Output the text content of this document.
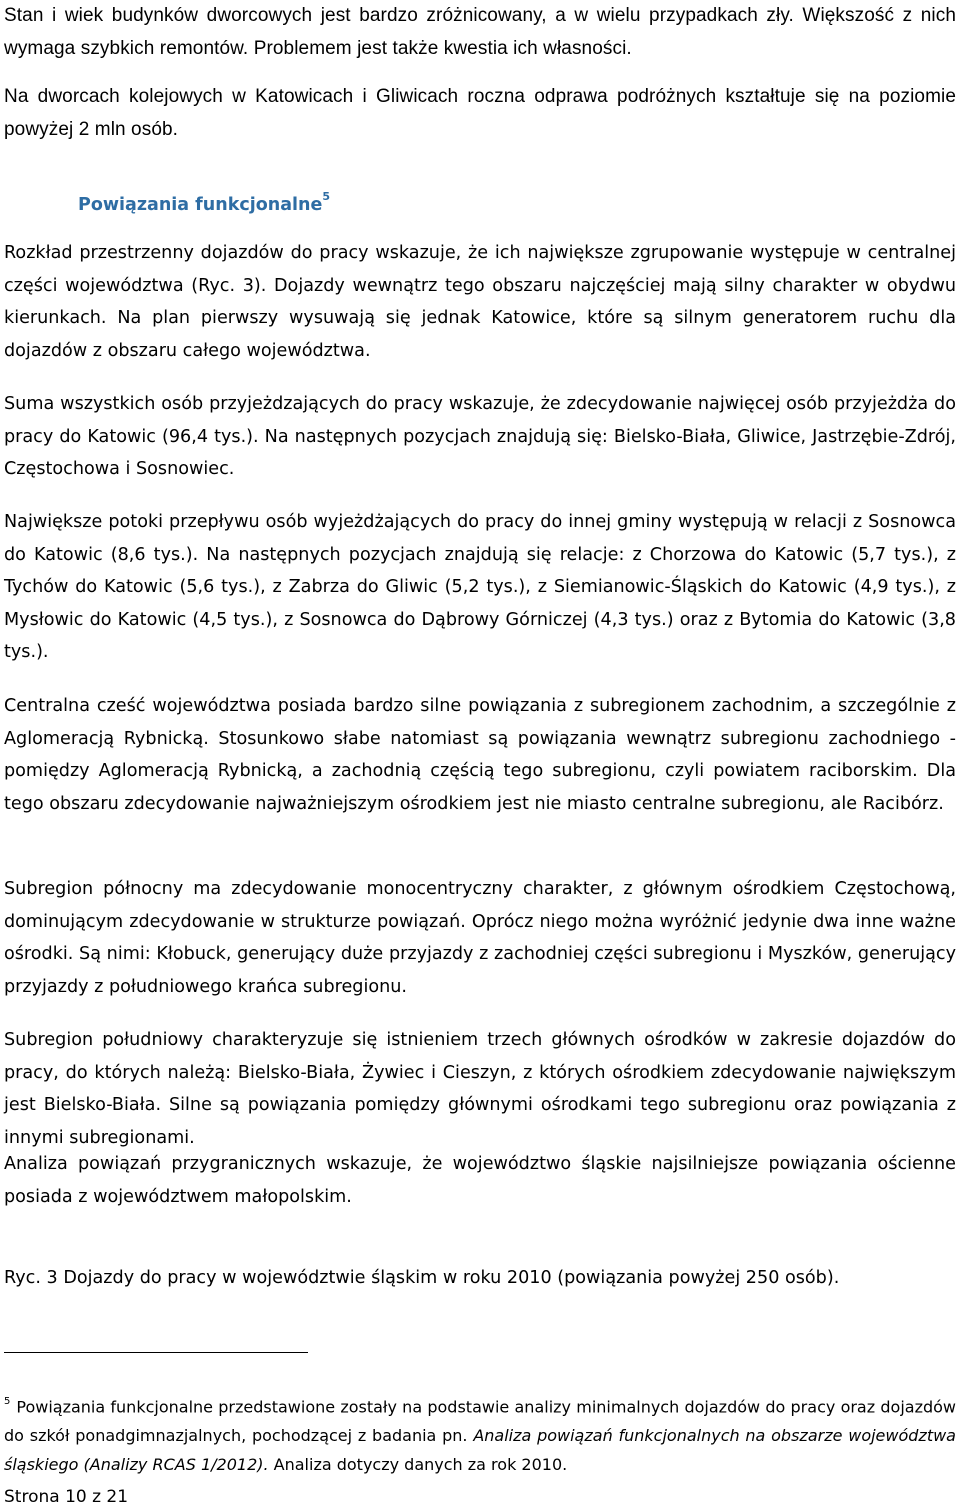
Stan i wiek budynków dworcowych jest bardzo zróżnicowany, a w wielu przypadkach zły. Większość z nich wymaga szybkich remontów. Problemem jest także kwestia ich własności.

Na dworcach kolejowych w Katowicach i Gliwicach roczna odprawa podróżnych kształtuje się na poziomie powyżej 2 mln osób.

Powiązania funkcjonalne$^5$

Rozkład przestrzenny dojazdów do pracy wskazuje, że ich największe zgrupowanie występuje w centralnej części województwa (Ryc. 3). Dojazdy wewnątrz tego obszaru najczęściej mają silny charakter w obydwu kierunkach. Na plan pierwszy wysuwają się jednak Katowice, które są silnym generatorem ruchu dla dojazdów z obszaru całego województwa.

Suma wszystkich osób przyjeżdzających do pracy wskazuje, że zdecydowanie najwięcej osób przyjeżdża do pracy do Katowic (96,4 tys.). Na następnych pozycjach znajdują się: Bielsko-Biała, Gliwice, Jastrzębie-Zdrój, Częstochowa i Sosnowiec.

Największe potoki przepływu osób wyjeżdżających do pracy do innej gminy występują w relacji z Sosnowca do Katowic (8,6 tys.). Na następnych pozycjach znajdują się relacje: z Chorzowa do Katowic (5,7 tys.), z Tychów do Katowic (5,6 tys.), z Zabrza do Gliwic (5,2 tys.), z Siemianowic-Śląskich do Katowic (4,9 tys.), z Mysłowic do Katowic (4,5 tys.), z Sosnowca do Dąbrowy Górniczej (4,3 tys.) oraz z Bytomia do Katowic (3,8 tys.).

Centralna cześć województwa posiada bardzo silne powiązania z subregionem zachodnim, a szczególnie z Aglomeracją Rybnicką. Stosunkowo słabe natomiast są powiązania wewnątrz subregionu zachodniego - pomiędzy Aglomeracją Rybnicką, a zachodnią częścią tego subregionu, czyli powiatem raciborskim. Dla tego obszaru zdecydowanie najważniejszym ośrodkiem jest nie miasto centralne subregionu, ale Racibórz.

Subregion północny ma zdecydowanie monocentryczny charakter, z głównym ośrodkiem Częstochową, dominującym zdecydowanie w strukturze powiązań. Oprócz niego można wyróżnić jedynie dwa inne ważne ośrodki. Są nimi: Kłobuck, generujący duże przyjazdy z zachodniej części subregionu i Myszków, generujący przyjazdy z południowego krańca subregionu.

Subregion południowy charakteryzuje się istnieniem trzech głównych ośrodków w zakresie dojazdów do pracy, do których należą: Bielsko-Biała, Żywiec i Cieszyn, z których ośrodkiem zdecydowanie największym jest Bielsko-Biała. Silne są powiązania pomiędzy głównymi ośrodkami tego subregionu oraz powiązania z innymi subregionami.

Analiza powiązań przygranicznych wskazuje, że województwo śląskie najsilniejsze powiązania ościenne posiada z województwem małopolskim.

Ryc. 3 Dojazdy do pracy w województwie śląskim w roku 2010 (powiązania powyżej 250 osób).

$^5$ Powiązania funkcjonalne przedstawione zostały na podstawie analizy minimalnych dojazdów do pracy oraz dojazdów do szkół ponadgimnazjalnych, pochodzącej z badania pn. Analiza powiązań funkcjonalnych na obszarze województwa śląskiego (Analizy RCAS 1/2012). Analiza dotyczy danych za rok 2010.

Strona 10 z 21
